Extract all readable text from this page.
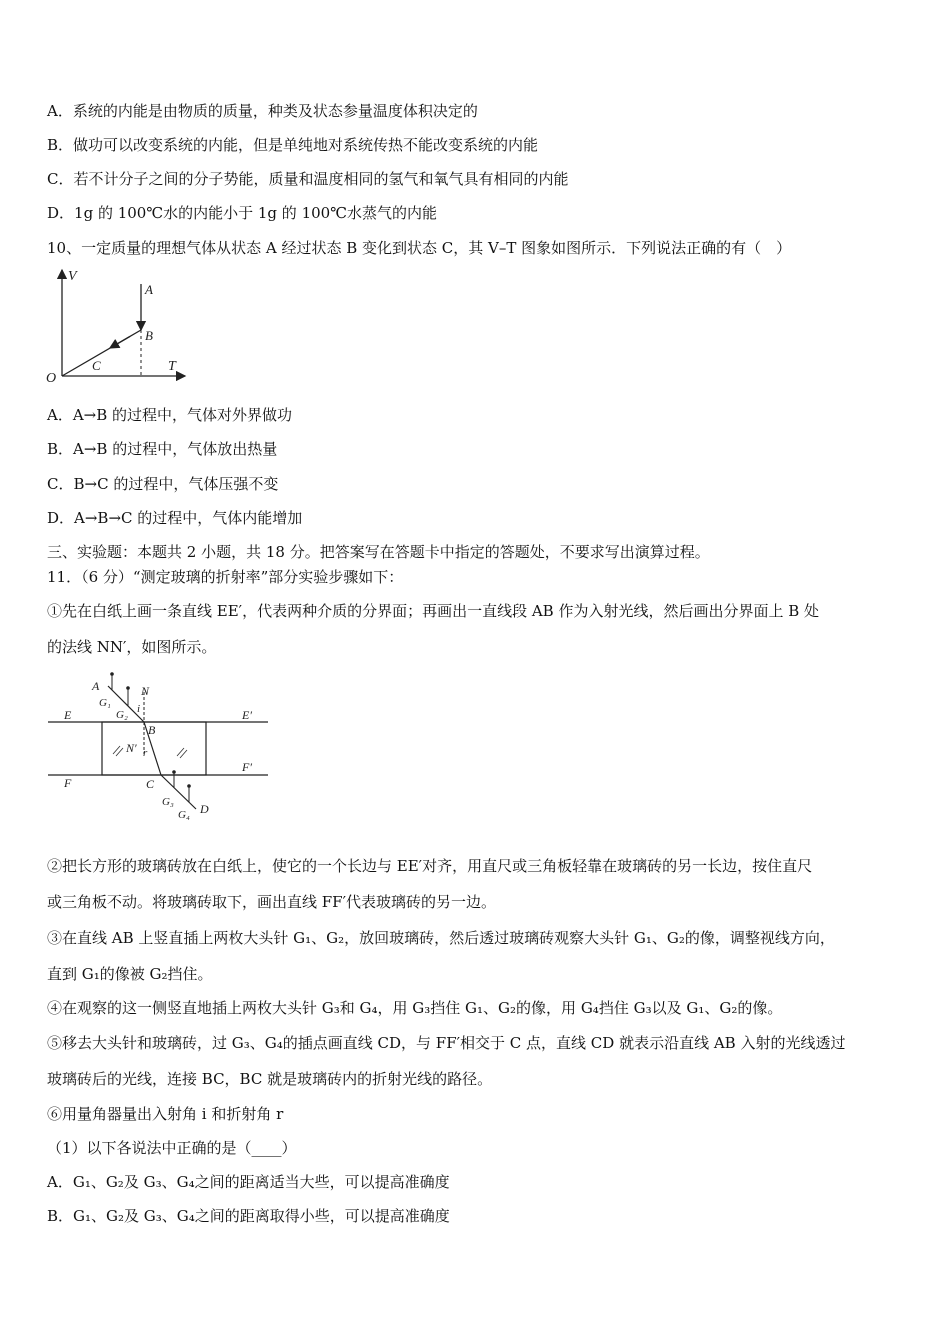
A．系统的内能是由物质的质量，种类及状态参量温度体积决定的
B．做功可以改变系统的内能，但是单纯地对系统传热不能改变系统的内能
C．若不计分子之间的分子势能，质量和温度相同的氢气和氧气具有相同的内能
D．1g 的 100℃水的内能小于 1g 的 100℃水蒸气的内能
10、一定质量的理想气体从状态 A 经过状态 B 变化到状态 C，其 V–T 图象如图所示．下列说法正确的有（　）
V
T
O
A
B
C
A．A→B 的过程中，气体对外界做功
B．A→B 的过程中，气体放出热量
C．B→C 的过程中，气体压强不变
D．A→B→C 的过程中，气体内能增加
三、实验题：本题共 2 小题，共 18 分。把答案写在答题卡中指定的答题处，不要求写出演算过程。
11．（6 分）“测定玻璃的折射率”部分实验步骤如下：
①先在白纸上画一条直线 EE′，代表两种介质的分界面；再画出一直线段 AB 作为入射光线，然后画出分界面上 B 处
的法线 NN′，如图所示。
A	N
G₁
G₂ i
B
E	E′
N′ r
F
F′
C
G₃
G₄ D
②把长方形的玻璃砖放在白纸上，使它的一个长边与 EE′对齐，用直尺或三角板轻靠在玻璃砖的另一长边，按住直尺
或三角板不动。将玻璃砖取下，画出直线 FF′代表玻璃砖的另一边。
③在直线 AB 上竖直插上两枚大头针 G₁、G₂，放回玻璃砖，然后透过玻璃砖观察大头针 G₁、G₂的像，调整视线方向，
直到 G₁的像被 G₂挡住。
④在观察的这一侧竖直地插上两枚大头针 G₃和 G₄，用 G₃挡住 G₁、G₂的像，用 G₄挡住 G₃以及 G₁、G₂的像。
⑤移去大头针和玻璃砖，过 G₃、G₄的插点画直线 CD，与 FF′相交于 C 点，直线 CD 就表示沿直线 AB 入射的光线透过
玻璃砖后的光线，连接 BC，BC 就是玻璃砖内的折射光线的路径。
⑥用量角器量出入射角 i 和折射角 r
（1）以下各说法中正确的是（____）
A．G₁、G₂及 G₃、G₄之间的距离适当大些，可以提高准确度
B．G₁、G₂及 G₃、G₄之间的距离取得小些，可以提高准确度
